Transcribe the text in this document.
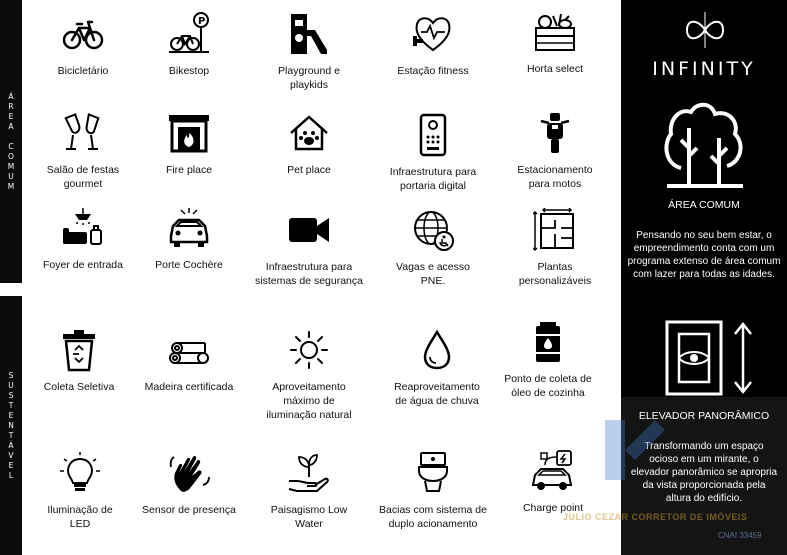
Á
R
E
A

C
O
M
U
M
S
U
S
T
E
N
T
Á
V
E
L
Bicicletário
P
Bikestop	Playground e
playkids
Estação fitness	Horta select
Salão de festas
gourmet
Fire place	Pet place	Infraestrutura para
portaria digital
Estacionamento
para motos
Foyer de entrada	Porte Cochère	Infraestrutura para
sistemas de segurança
Vagas e acesso
PNE.
Plantas
personalizáveis
Coleta Seletiva	Madeira certificada	Aproveitamento
máximo de
iluminação natural
Reaproveitamento
de água de chuva
Ponto de coleta de
óleo de cozinha
Iluminação de
LED
Sensor de presença	Paisagismo Low
Water
Bacias com sistema de
duplo acionamento
Charge point
INFINITY
ÁREA COMUM
Pensando no seu bem estar, o empreendimento conta com um programa extenso de área comum com lazer para todas as idades.
ELEVADOR PANORÂMICO
Transformando um espaço ocioso em um mirante, o elevador panorâmico se apropria da vista proporcionada pela altura do edifício.
JULIO CEZAR CORRETOR DE IMÓVEIS
CNAI 33459
